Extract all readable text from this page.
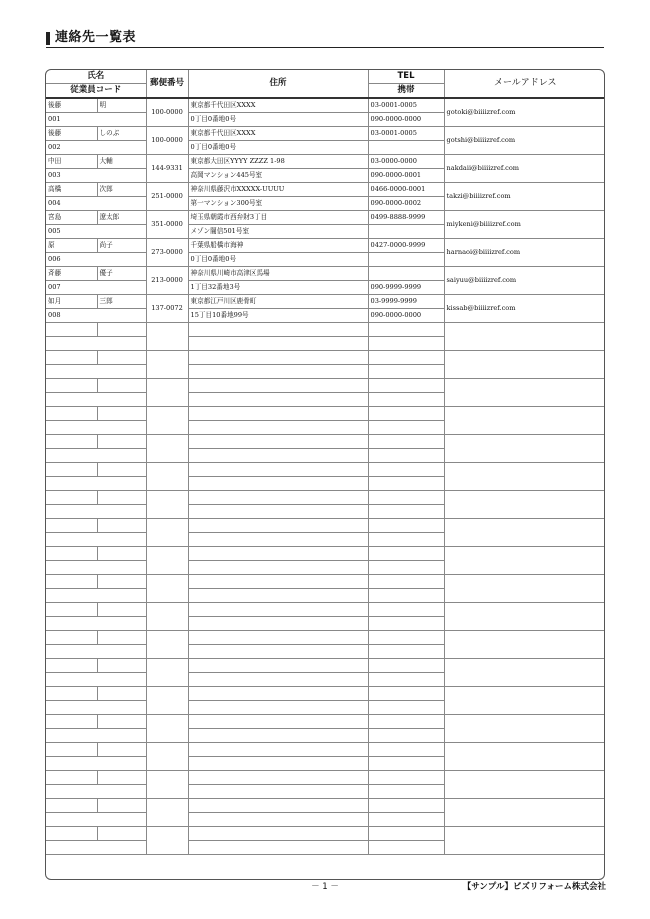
連絡先一覧表
氏名		郵便番号	住所	TEL	メールアドレス
従業員コード				携帯	
後藤	明	100-0000	東京都千代田区XXXX	03-0001-0005	gotoki@biiiizref.com
001			0丁目0番地0号	090-0000-0000	
後藤	しのぶ	100-0000	東京都千代田区XXXX	03-0001-0005	gotshi@biiiizref.com
002			0丁目0番地0号		
中田	大輔	144-9331	東京都大田区YYYY ZZZZ 1-98	03-0000-0000	nakdaii@biiiizref.com
003			高岡マンション445号室	090-0000-0001	
高橋	次郎	251-0000	神奈川県藤沢市XXXXX-UUUU	0466-0000-0001	takzi@biiiizref.com
004			第一マンション300号室	090-0000-0002	
宮島	遼太郎	351-0000	埼玉県朝霞市西弁財3丁目	0499-8888-9999	miykeni@biiiizref.com
005			メゾン闇信501号室		
原	尚子	273-0000	千葉県船橋市海神	0427-0000-9999	harnaoi@biiiizref.com
006			0丁目0番地0号		
斉藤	優子	213-0000	神奈川県川崎市高津区馬場		saiyuu@biiiizref.com
007			1丁目32番地3号	090-9999-9999	
如月	三郎	137-0072	東京都江戸川区鹿骨町	03-9999-9999	kissab@biiiizref.com
008			15丁目10番地99号	090-0000-0000	

－ 1 －	【サンプル】ビズリフォーム株式会社
